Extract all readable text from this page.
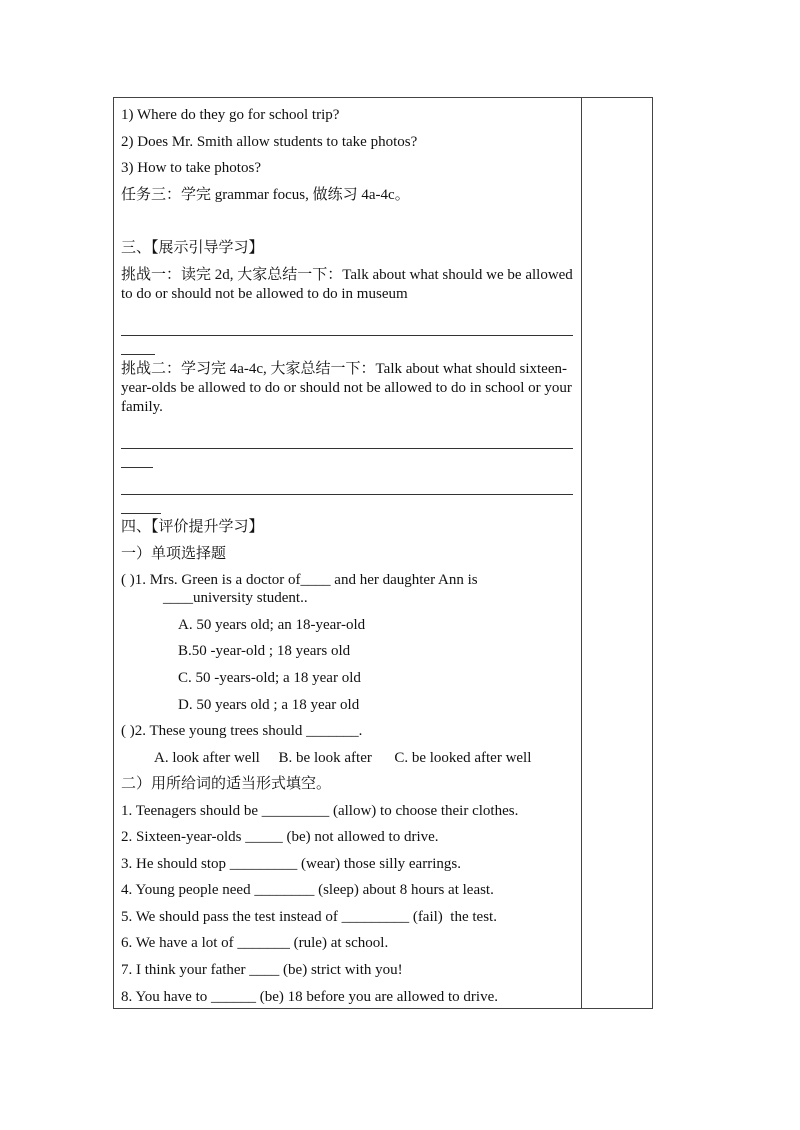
1) Where do they go for school trip?
2) Does Mr. Smith allow students to take photos?
3) How to take photos?
任务三：学完 grammar focus, 做练习 4a-4c。
三、【展示引导学习】
挑战一：读完 2d, 大家总结一下：Talk about what should we be allowed to do or should not be allowed to do in museum
挑战二：学习完 4a-4c, 大家总结一下：Talk about what should sixteen-year-olds be allowed to do or should not be allowed to do in school or your family.
四、【评价提升学习】
一）单项选择题
( )1. Mrs. Green is a doctor of____ and her daughter Ann is
____university student..
A. 50 years old; an 18-year-old
B.50 -year-old ; 18 years old
C. 50 -years-old; a 18 year old
D. 50 years old ; a 18 year old
( )2. These young trees should _______.
A. look after well     B. be look after      C. be looked after well
二）用所给词的适当形式填空。
1. Teenagers should be _________ (allow) to choose their clothes.
2. Sixteen-year-olds _____ (be) not allowed to drive.
3. He should stop _________ (wear) those silly earrings.
4. Young people need ________ (sleep) about 8 hours at least.
5. We should pass the test instead of _________ (fail)  the test.
6. We have a lot of _______ (rule) at school.
7. I think your father ____ (be) strict with you!
8. You have to ______ (be) 18 before you are allowed to drive.
